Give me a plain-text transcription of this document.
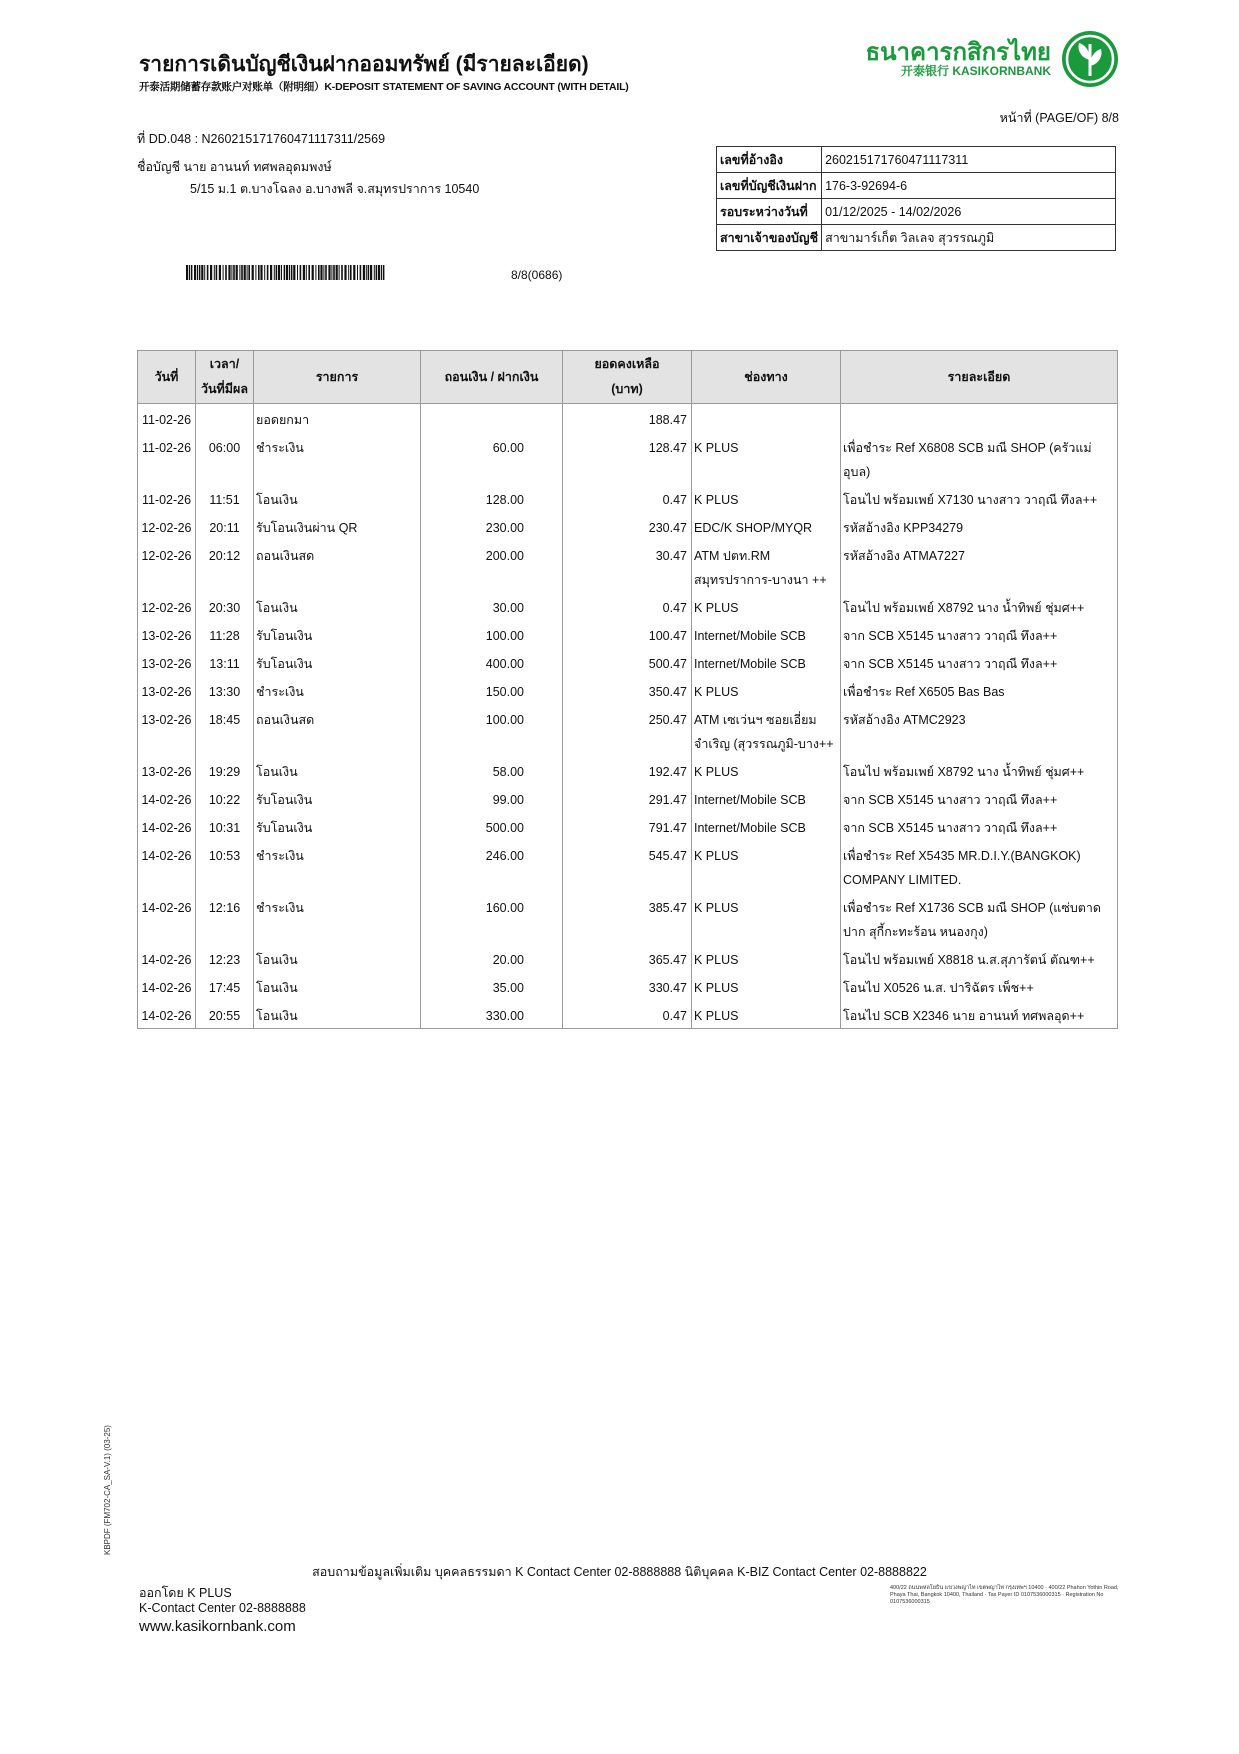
รายการเดินบัญชีเงินฝากออมทรัพย์ (มีรายละเอียด)
开泰活期储蓄存款账户对账单（附明细）K-DEPOSIT STATEMENT OF SAVING ACCOUNT (WITH DETAIL)
ธนาคารกสิกรไทย
开泰银行 KASIKORNBANK
หน้าที่ (PAGE/OF) 8/8
ที่ DD.048 : N260215171760471117311/2569
ชื่อบัญชี นาย อานนท์ ทศพลอุดมพงษ์
5/15 ม.1 ต.บางโฉลง อ.บางพลี จ.สมุทรปราการ 10540
8/8(0686)
เลขที่อ้างอิง	260215171760471117311
เลขที่บัญชีเงินฝาก	176-3-92694-6
รอบระหว่างวันที่	01/12/2025 - 14/02/2026
สาขาเจ้าของบัญชี	สาขามาร์เก็ต วิลเลจ สุวรรณภูมิ
วันที่	เวลา/
วันที่มีผล	รายการ	ถอนเงิน / ฝากเงิน	ยอดคงเหลือ
(บาท)	ช่องทาง	รายละเอียด
11-02-26		ยอดยกมา		188.47		
11-02-26	06:00	ชำระเงิน	60.00	128.47	K PLUS	เพื่อชำระ Ref X6808 SCB มณี SHOP (ครัวแม่
อุบล)
11-02-26	11:51	โอนเงิน	128.00	0.47	K PLUS	โอนไป พร้อมเพย์ X7130 นางสาว วาฤณี ทึงล++
12-02-26	20:11	รับโอนเงินผ่าน QR	230.00	230.47	EDC/K SHOP/MYQR	รหัสอ้างอิง KPP34279
12-02-26	20:12	ถอนเงินสด	200.00	30.47	ATM ปตท.RM
สมุทรปราการ-บางนา ++	รหัสอ้างอิง ATMA7227
12-02-26	20:30	โอนเงิน	30.00	0.47	K PLUS	โอนไป พร้อมเพย์ X8792 นาง น้ำทิพย์ ชุ่มศ++
13-02-26	11:28	รับโอนเงิน	100.00	100.47	Internet/Mobile SCB	จาก SCB X5145 นางสาว วาฤณี ทึงล++
13-02-26	13:11	รับโอนเงิน	400.00	500.47	Internet/Mobile SCB	จาก SCB X5145 นางสาว วาฤณี ทึงล++
13-02-26	13:30	ชำระเงิน	150.00	350.47	K PLUS	เพื่อชำระ Ref X6505 Bas Bas
13-02-26	18:45	ถอนเงินสด	100.00	250.47	ATM เซเว่นฯ ซอยเอี่ยม
จำเริญ (สุวรรณภูมิ-บาง++	รหัสอ้างอิง ATMC2923
13-02-26	19:29	โอนเงิน	58.00	192.47	K PLUS	โอนไป พร้อมเพย์ X8792 นาง น้ำทิพย์ ชุ่มศ++
14-02-26	10:22	รับโอนเงิน	99.00	291.47	Internet/Mobile SCB	จาก SCB X5145 นางสาว วาฤณี ทึงล++
14-02-26	10:31	รับโอนเงิน	500.00	791.47	Internet/Mobile SCB	จาก SCB X5145 นางสาว วาฤณี ทึงล++
14-02-26	10:53	ชำระเงิน	246.00	545.47	K PLUS	เพื่อชำระ Ref X5435 MR.D.I.Y.(BANGKOK)
COMPANY LIMITED.
14-02-26	12:16	ชำระเงิน	160.00	385.47	K PLUS	เพื่อชำระ Ref X1736 SCB มณี SHOP (แซ่บตาด
ปาก สุกี้กะทะร้อน หนองกุง)
14-02-26	12:23	โอนเงิน	20.00	365.47	K PLUS	โอนไป พร้อมเพย์ X8818 น.ส.สุภารัตน์ ตัณฑ++
14-02-26	17:45	โอนเงิน	35.00	330.47	K PLUS	โอนไป X0526 น.ส. ปาริฉัตร เพ็ช++
14-02-26	20:55	โอนเงิน	330.00	0.47	K PLUS	โอนไป SCB X2346 นาย อานนท์ ทศพลอุด++
KBPDF (FM702-CA_SA-V.1) (03-25)
สอบถามข้อมูลเพิ่มเติม บุคคลธรรมดา K Contact Center 02-8888888 นิติบุคคล K-BIZ Contact Center 02-8888822
ออกโดย K PLUS
K-Contact Center 02-8888888
www.kasikornbank.com
400/22 ถนนพหลโยธิน แขวงพญาไท เขตพญาไท กรุงเทพฯ 10400 · 400/22 Phahon Yothin Road, Phaya Thai, Bangkok 10400, Thailand · Tax Payer ID 0107536000315 · Registration No 0107536000315
